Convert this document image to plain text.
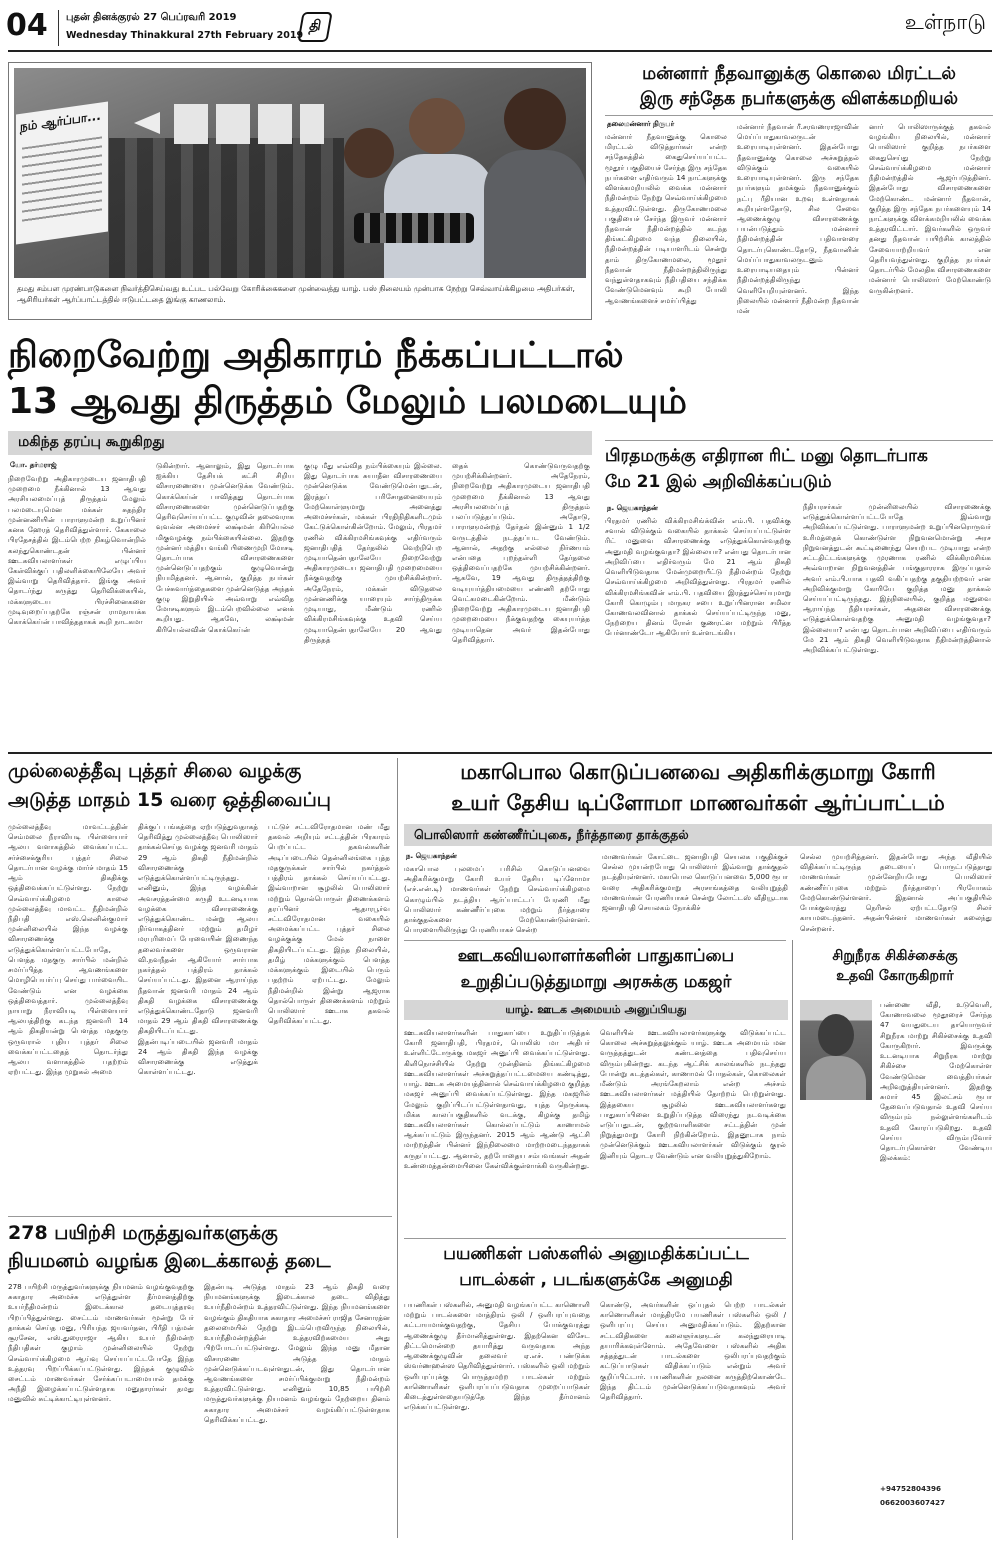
04 புதன் தினக்குரல் 27 பெப்ரவரி 2019
Wednesday Thinakkural 27th February 2019
தி	உள்நாடு
நம் ஆர்ப்பா...
தமது சம்பள முரண்பாடுகளை நிவர்த்திசெய்வது உட்பட பல்வேறு கோரிக்கைகளை முன்வைத்து யாழ். பஸ் நிலையம் முன்பாக நேற்று செவ்வாய்க்கிழமை அதிபர்கள், ஆசிரியர்கள் ஆர்ப்பாட்டத்தில் ஈடுபட்டதை இங்கு காணலாம்.
மன்னார் நீதவானுக்கு கொலை மிரட்டல்
இரு சந்தேக நபர்களுக்கு விளக்கமறியல்
தலைமன்னார் நிருபர்
மன்னார் நீதவானுக்கு கொலை மிரட்டல் விடுத்தார்கள் என்ற சந்தேகத்தில் கைதுசெய்யப்பட்ட மூதூர் பகுதியைச் சேர்ந்த இரு சந்தேக நபர்களை எதிர்வரும் 14 நாட்களுக்கு விளக்கமறியலில் வைக்க மன்னார் நீதிமன்றம் நேற்று செவ்வாய்க்கிழமை உத்தரவிட்டுள்ளது. திருகோணமலை பகுதியைச் சேர்ந்த இருவர் மன்னார் நீதவான் நீதிமன்றத்தில் கடந்த திங்கட்கிழமை வந்த நிலையில், நீதிமன்றத்தின் படியாளரிடம் சென்று தாம் திருகோணமலை, மூதூர் நீதவான் நீதிமன்றத்திலிருந்து வந்துள்ளதாகவும் நீதிபதியை சந்திக்க வேண்டுமெனவும் கூறி போலி ஆவணங்களைச் சமர்ப்பித்து
மன்னார் நீதவான் ரீ.சரவணராஜாவின் மெய்ப்பாதுகாவலருடன் உரையாடியுள்ளனர். இதன்போது நீதவானுக்கு கொலை அச்சுறுத்தல் விடுக்கும் வகையில் உரையாடியுள்ளனர். இரு சந்தேக நபர்களும் தமக்கும் நீதவானுக்கும் நட்பு ரீதியான உறவு உள்ளதாகக் கூறியுள்ளதோடு, சில சேவை ஆணைக்குழு விசாரணைக்கு பயன்படுத்தும் மன்னார் நீதிமன்றத்தின் பதிவாளரை தொடர்புகொண்டதோடு, நீதவானின் மெய்ப்பாதுகாவலருடனும் உரையாடியதையும் பின்னர் நீதிமன்றத்திலிருந்து வெளியேறியுள்ளனர். இந்த நிலையில் மன்னார் நீதிமன்ற நீதவான் மன்
னார் பொலிஸாருக்குத் தகவல் வழங்கிய நிலையில், மன்னார் பொலிஸார் குறித்த நபர்களை கைதுசெய்து நேற்று செவ்வாய்க்கிழமை மன்னார் நீதிமன்றத்தில் ஆஜர்படுத்தினர். இதன்போது விசாரணைகளை மேற்கொண்ட மன்னார் நீதவான், குறித்த இரு சந்தேக நபர்களையும் 14 நாட்களுக்கு விளக்கமறியலில் வைக்க உத்தரவிட்டார். இவர்களில் ஒருவர் தனது நீதவான் பயிற்சிக் காலத்தில் சேவையாற்றியவர் என தெரியவந்துள்ளது. குறித்த நபர்கள் தொடர்பில் மேலதிக விசாரணைகளை மன்னார் பொலிஸார் மேற்கொண்டு வருகின்றனர்.
நிறைவேற்று அதிகாரம் நீக்கப்பட்டால்
13 ஆவது திருத்தம் மேலும் பலமடையும்
மகிந்த தரப்பு கூறுகிறது
யோ. தர்மராஜ்
நிறைவேற்று அதிகாரமுடைய ஜனாதிபதி முறைமை நீக்கினால் 13 ஆவது அரசியலமைப்புத் திருத்தம் மேலும் பலமடையுமென மக்கள் சுதந்திர முன்னணியின் பாராளுமன்ற உறுப்பினர் கனக ஹேரத் தெரிவித்துள்ளார். கேகாலை பிரதேசத்தில் இடம்பெற்ற நிகழ்வொன்றில் கலந்துகொண்டதன் பின்னர் ஊடகவியலாளர்கள் எழுப்பிய கேள்விக்குப் பதிலளிக்கையிலேயே அவர் இவ்வாறு தெரிவித்தார். இங்கு அவர் தொடர்ந்து கருத்து தெரிவிக்கையில், மக்களுடைய பிரச்சினைகளை முடிவுறைப்பதற்கே ரஞ்சன் ராமநாயக்க கொக்கெய்ன் பாவித்ததாகக் கூறி நாடகமா
டுகின்றார். ஆனாலும், இது தொடர்பாக ஐக்கிய தேசியக் கட்சி சிறிய விசாரணையை முன்னெடுக்க வேண்டும். கொக்கெய்ன் பாவித்தது தொடர்பாக விசாரணைகளை முன்னெடுப்பதற்கு தெரிவுசெய்யப்பட்ட குழுவின் தலைவராக வுவல்ன அமைச்சர் லக்ஷ்மன் கிரியெல்ல மிகுவழக்கு நம்பிக்கையில்லை. இதற்கு முன்னர் மத்திய வங்கி பிணைமுறி மோசடி தொடர்பாக விசாரணைகளை முன்னெடுப்பதற்கும் குழுவொன்று நியமித்தனர். ஆனால், குறித்த நபர்கள் பேச்சுவார்த்தைகளை முன்னெடுத்த அந்தக் குழு இறுதியில் அவ்வாறு எவ்வித மோசடிகளும் இடம்பெறவில்லை எனக் கூறியது. ஆகவே, லக்ஷ்மன் கிரியெல்லவின் கொக்கெய்ன்
குழு மீது எவ்வித நம்பிக்கையும் இல்லை. இது தொடர்பாக சுயாதீன விசாரணையை முன்னெடுக்க வேண்டுமென்பதுடன், இரத்தப் பரிசோதனையையும் மேற்கொள்ளுமாறு அனைத்து அமைச்சர்கள், மக்கள் பிரதிநிதிகளிடமும் கேட்டுக்கொள்கின்றோம். மேலும், பிரதமர் ரணில் விக்கிரமசிங்கவுக்கு எதிர்வரும் ஜனாதிபதித் தேர்தலில் வெற்றிபெற முடியாதென்பதாலேயே நிறைவேற்று அதிகாரமுடைய ஜனாதிபதி முறைமையை நீக்குவதற்கு முயற்சிக்கின்றார். அதேநேரம், மக்கள் விடுதலை முன்னணிக்கு யாரையும் சார்ந்திருக்க முடியாது, மீண்டும் ரணில் விக்கிரமசிங்கவுக்கு உதவி செய்ய முடியாதென்பதாலேயே 20 ஆவது திருத்தத்
தைக் கொண்டுவருவதற்கு முயற்சிக்கின்றனர். அதேநேரம், நிறைவேற்று அதிகாரமுடைய ஜனாதிபதி முறைமை நீக்கினால் 13 ஆவது அரசியலமைப்புத் திருத்தம் பலப்படுத்தப்படும். அதோடு, பாராளுமன்றத் தேர்தல் இன்னும் 1 1/2 வருடத்தில் நடத்தப்பட வேண்டும். ஆனால், அதற்கு எல்லை நிர்ணயம் என்பதை புறந்தள்ளி தேர்தலை ஒத்திவைப்பதற்கே முயற்சிக்கின்றனர். ஆகவே, 19 ஆவது திருத்தத்திற்கு வடியுயர்த்தியமையை எண்ணி தற்போது வெட்கமடைகின்றோம். மீண்டும் நிறைவேற்று அதிகாரமுடைய ஜனாதிபதி முறைமையை நீக்குவதற்கு கையுயர்த்த முடியாதென அவர் இதன்போது தெரிவித்தார்.
பிரதமருக்கு எதிரான ரிட் மனு தொடர்பாக
மே 21 இல் அறிவிக்கப்படும்
ந. ஜெயகாந்தன்
பிரதமர் ரணில் விக்கிரமசிங்க்வின் எம்.பி. பதவிக்கு சவால் விடுக்கும் வகையில் தாக்கல் செய்யப்பட்டுள்ள ரிட் மனுவை விசாரணைக்கு எடுத்துக்கொள்வதற்கு அனுமதி வழங்குவதா? இல்லையா? என்பது தொடர்பான அறிவிப்பை எதிர்வரும் மே 21 ஆம் திகதி வெளியிடுவதாக மேன்முறையீட்டு நீதிமன்றம் நேற்று செவ்வாய்க்கிழமை அறிவித்துள்ளது. பிரதமர் ரணில் விக்கிரமசிங்கவின் எம்.பி. பதவியை இரத்துச்செய்யுமாறு கோரி கொழும்பு மாநகர சபை உறுப்பினரான சமிலா கோணவலவினால் தாக்கல் செய்யப்பட்டிருந்த மனு, நேற்றைய தினம் ரோன் குணரட்ன மற்றும் பிரீத்த பேர்னாண்டோ ஆகியோர் உள்ளடங்கிய
நீதியரசர்கள் முன்னிலையில் விசாரணைக்கு எடுத்துக்கொள்ளப்பட்டபோதே இவ்வாறு அறிவிக்கப்பட்டுள்ளது. பாராளுமன்ற உறுப்பினரொருவர் உரிமத்தைக் கொண்டுள்ள நிறுவனமொன்று அரச நிறுவனத்துடன் கூட்டிணைந்து செயற்பட முடியாது என்ற சட்டதிட்டங்களுக்கு முரணாக ரணில் விக்கிரமசிங்க அவ்வாறான நிறுவனத்தின் பங்குதாரராக இருப்பதால் அவர் எம்.பி.யாக பதவி வகிப்பதற்கு தகுதியற்றவர் என அறிவிக்குமாறு கோரியே குறித்த மனு தாக்கல் செய்யப்பட்டிருந்தது. இந்நிலையில், குறித்த மனுவை ஆராய்ந்த நீதியரசர்கள், அதனை விசாரணைக்கு எடுத்துக்கொள்வதற்கு அனுமதி வழங்குவதா? இல்லையா? என்பது தொடர்பான அறிவிப்பை எதிர்வரும் மே 21 ஆம் திகதி வெளியிடுவதாக நீதிமன்றத்தினால் அறிவிக்கப்பட்டுள்ளது.
முல்லைத்தீவு புத்தர் சிலை வழக்கு
அடுத்த மாதம் 15 வரை ஒத்திவைப்பு
முல்லைத்தீவு மாவட்டத்தின் செம்மலை நீராவியடி பிள்ளையார் ஆலய வளாகத்தில் வைக்கப்பட்ட சர்ச்சைக்குரிய புத்தர் சிலை தொடர்பான வழக்கு மார்ச் மாதம் 15 ஆம் திகதிக்கு ஒத்திவைக்கப்பட்டுள்ளது. நேற்று செவ்வாய்க்கிழமை காலை முல்லைத்தீவு மாவட்ட நீதிமன்றில் நீதிபதி எஸ்.லெனின்குமார் முன்னிலையில் இந்த வழக்கு விசாரணைக்கு எடுத்துக்கொள்ளப்பட்டபோதே, பௌத்த மதகுரு சார்பில் மன்றில் சமர்ப்பித்த ஆவணங்களை மொழிபெயர்ப்பு செய்து பார்வையிட வேண்டும் என வழக்கை ஒத்திவைத்தார். முல்லைத்தீவு நாயாறு நீராவியடி பிள்ளையார் ஆலயத்திற்கு கடந்த ஜனவரி 14 ஆம் திகதியன்று பௌத்த மதகுரு ஒருவரால் புதிய புத்தர் சிலை வைக்கப்பட்டதைத் தொடர்ந்து ஆலய வளாகத்தில் பதற்றம் ஏற்பட்டது. இந்த முறுகல் அமை
திக்குப் பங்கத்தை ஏற்படுத்துவதாகத் தெரிவித்து முல்லைத்தீவு பொலிஸார் தாக்கல்செய்த வழக்கு ஜனவரி மாதம் 29 ஆம் திகதி நீதிமன்றில் விசாரணைக்கு எடுத்துக்கொள்ளப்பட்டிருந்தது. எனினும், இந்த வழக்கின் அவசரத்தன்மை கருதி உடனடியாக வழக்கை விசாரணைக்கு எடுத்துக்கொண்ட மன்று ஆலய நிர்வாகத்தினர் மற்றும் தமிழர் மரபுரிமைப் பேரவையின் இணைந்த தலைவர்களை ஒருவரான வி.நவநீதன் ஆகியோர் சார்பாக நகர்த்தல் பத்திரம் தாக்கல் செய்யப்பட்டது. இதனை ஆராய்ந்த நீதவான் ஜனவரி மாதம் 24 ஆம் திகதி வழக்கை விசாரணைக்கு எடுத்துக்கொண்டதோடு ஜனவரி மாதம் 29 ஆம் திகதி விசாரணைக்கு திகதியிடப்பட்டது. இதன்படிப்படையில் ஜனவரி மாதம் 24 ஆம் திகதி இந்த வழக்கு விசாரணைக்கு எடுத்துக் கொள்ளப்பட்டது.
பட்டுச் சட்டவிரோதமான மண் மீது தகவல் அறியும் சட்டத்தின் பிரகாரம் பெறப்பட்ட தகவல்களின் அடிப்படையில் தென்னிலங்கை புத்த மதகுருக்கள் சார்பில் நகர்த்தல் பத்திரம் தாக்கல் செய்யப்பட்டது. இவ்வாறான சூழலில் பொலிஸார் மற்றும் தொல்பொருள் திணைக்களம் தரப்பினர் ஆதாரபூர்வ சட்டவிரோதமான வகையில் அமைக்கப்பட்ட புத்தர் சிலை வழக்குக்கு மேல் நாளை திகதியிடப்பட்டது. இந்த நிலையில், தமிழ் மக்களுக்கும் பௌத்த மக்களுக்கும் இடையில் பெரும் பதற்றம் ஏற்பட்டது. மேலும் நீதிமன்றில் இன்று ஆஜராக தொல்பொருள் திணைக்களம் மற்றும் பொலிஸார் ஊடாக தகவல் தெரிவிக்கப்பட்டது.
மகாபொல கொடுப்பனவை அதிகரிக்குமாறு கோரி
உயர் தேசிய டிப்ளோமா மாணவர்கள் ஆர்ப்பாட்டம்
பொலிஸார் கண்ணீர்ப்புகை, நீர்த்தாரை தாக்குதல்
ந. ஜெயகாந்தன்
மகாபொல புலமைப் பரிசில் கொடுப்பனவை அதிகரிக்குமாறு கோரி உயர் தேசிய டிப்ளோமா (எச்.என்.டி) மாணவர்கள் நேற்று செவ்வாய்க்கிழமை கொழும்பில் நடத்திய ஆர்ப்பாட்டப் பேரணி மீது பொலிஸார் கண்ணீர்ப்புகை மற்றும் நீர்த்தாரை தாக்குதல்களை மேற்கொண்டுள்ளனர். பொரளையிலிருந்து பேரணியாகச் சென்ற
மாணவர்கள் கோட்டை ஜனாதிபதி செயலக பகுதிக்குச் செல்ல முயன்றபோது பொலிஸார் இவ்வாறு தாக்குதல் நடத்தியுள்ளனர். மகாபொல கொடுப்பனவை 5,000 ரூபா வரை அதிகரிக்குமாறு அரசாங்கத்தை வலியுறுத்தி மாணவர்கள் பேரணியாகச் சென்று லோட்டஸ் வீதியூடாக ஜனாதிபதி செயலகம் நோக்கிச்
செல்ல முயற்சித்தனர். இதன்போது அந்த வீதியில் விதிக்கப்பட்டிருந்த தடையைப் பொருட்படுத்தாது மாணவர்கள் முன்னேறியபோது பொலிஸார் கண்ணீர்ப்புகை மற்றும் நீர்த்தாரைப் பிரயோகம் மேற்கொண்டுள்ளனர். இதனால் அப்பகுதியில் போக்குவரத்து நெரிசல் ஏற்பட்டதோடு சிலர் காயமடைந்தனர். அதன்பின்னர் மாணவர்கள் கலைந்து சென்றனர்.
ஊடகவியலாளர்களின் பாதுகாப்பை
உறுதிப்படுத்துமாறு அரசுக்கு மகஜர்
யாழ். ஊடக அமையம் அனுப்பியது
ஊடகவியலாளர்களின் பாதுகாப்பை உறுதிப்படுத்தக் கோரி ஜனாதிபதி, பிரதமர், பொலிஸ் மா அதிபர் உள்ளிட்டோருக்கு மகஜர் அனுப்பி வைக்கப்பட்டுள்ளது. கிளிநொச்சியில் நேற்று முன்தினம் திங்கட்கிழமை ஊடகவியலாளர்கள் அச்சுறுத்தப்பட்டமையை கண்டித்து, யாழ். ஊடக அமையத்தினால் செவ்வாய்க்கிழமை குறித்த மகஜர் அனுப்பி வைக்கப்பட்டுள்ளது. இந்த மகஜரில் மேலும் குறிப்பிடப்பட்டுள்ளதாவது, யுத்த நெருக்கடி மிக்க காலப்பகுதிகளில் வடக்கு, கிழக்கு தமிழ் ஊடகவியலாளர்கள் கொல்லப்பட்டும் காணாமல் ஆக்கப்பட்டும் இருந்தனர். 2015 ஆம் ஆண்டு ஆட்சி மாற்றத்தின் பின்னர் இந்நிலைமை மாற்றமடைந்ததாகக் கருதப்பட்டது. ஆனால், தற்போதைய சம்பவங்கள் அதன் உண்மைத்தன்மையினை கேள்விக்குள்ளாக்கி வருகின்றது.
வெளியில் ஊடகவியலாளர்களுக்கு விடுக்கப்பட்ட கொலை அச்சுறுத்தலுக்கும் யாழ். ஊடக அமையம் மன வருத்தத்துடன் கண்டனத்தை பதிவுசெய்ய விரும்புகின்றது. கடந்த ஆட்சிக் காலங்களில் நடந்தது போன்று கடத்தல்கள், காணாமல் போதல்கள், கொலைகள் மீண்டும் அரங்கேறலாம் என்ற அச்சம் ஊடகவியலாளர்கள் மத்தியில் தோற்றம் பெற்றுள்ளது. இத்தகைய சூழலில் ஊடகவியலாளர்களது பாதுகாப்பினை உறுதிப்படுத்த விரைந்து நடவடிக்கை எடுப்பதுடன், குற்றவாளிகளை சட்டத்தின் முன் நிறுத்துமாறு கோரி நிற்கின்றோம். இதனூடாக நாம் முன்னெடுக்கும் ஊடகவியலாளர்கள் விடுக்கும் குரல் இனியும் தொடர வேண்டும் என வலியுறுத்துகிறோம்.
சிறுநீரக சிகிச்சைக்கு
உதவி கோருகிறார்
பண்ணை வீதி, உடுவெளி, கோணாவலை மூதூரைச் சேர்ந்த 47 வயதுடைய தாயொருவர் சிறுநீரக மாற்று சிகிச்சைக்கு உதவி கோருகிறார். இவருக்கு உடனடியாக சிறுநீரக மாற்று சிகிச்சை மேற்கொள்ள வேண்டுமென வைத்தியர்கள் அறிவுறுத்தியுள்ளனர். இதற்கு சுமார் 45 இலட்சம் ரூபா தேவைப்படுவதால் உதவி செய்ய விரும்பும் நல்லுள்ளங்களிடம் உதவி கோரப்படுகிறது. உதவி செய்ய விரும்புவோர் தொடர்புகொள்ள வேண்டிய இலக்கம்:
+94752804396
0662003607427
278 பயிற்சி மருத்துவர்களுக்கு
நியமனம் வழங்க இடைக்காலத் தடை
278 பயிற்சி மருத்துவர்களுக்கு நியமனம் வழங்குவதற்கு சுகாதார அமைச்சு எடுத்துள்ள தீர்மானத்திற்கு உயர்நீதிமன்றம் இடைக்கால தடையுத்தரவு பிறப்பித்துள்ளது. சைட்டம் மாணவர்கள் மூன்று பேர் தாக்கல் செய்த மனு, பிரியந்த ஜயவர்தன, பிரீதி பத்மன் சூரசேன, எஸ்.துரைராஜா ஆகிய உயர் நீதிமன்ற நீதிபதிகள் குழாம் முன்னிலையில் நேற்று செவ்வாய்க்கிழமை ஆய்வு செய்யப்பட்டபோதே இந்த உத்தரவு பிறப்பிக்கப்பட்டுள்ளது. இந்தக் குழுவில் சைட்டம் மாணவர்கள் சேர்க்கப்படாமையால் தமக்கு அநீதி இழைக்கப்பட்டுள்ளதாக மனுதாரர்கள் தமது மனுவில் சுட்டிக்காட்டியுள்ளனர்.
இதன்படி அடுத்த மாதம் 23 ஆம் திகதி வரை நியமனங்களுக்கு இடைக்கால தடை விதித்து உயர்நீதிமன்றம் உத்தரவிட்டுள்ளது. இந்த நியமனங்களை வழங்கும் திகதியாக சுகாதார அமைச்சர் ராஜித சேனாரத்ன தலைமையில் நேற்று இடம்பெறவிருந்த நிலையில், உயர்நீதிமன்றத்தின் உத்தரவிற்கமைய அது பிற்போடப்பட்டுள்ளது. மேலும் இந்த மனு மீதான விசாரணை அடுத்த மாதம் முன்னெடுக்கப்படவுள்ளதுடன், இது தொடர்பான ஆவணங்களை சமர்ப்பிக்குமாறு நீதிமன்றம் உத்தரவிட்டுள்ளது. எனினும் 10,85 பயிற்சி மருத்துவர்களுக்கு நியமனம் வழங்கும் நேற்றைய தினம் சுகாதார அமைச்சர் வழங்கிப்பட்டுள்ளதாக தெரிவிக்கப்பட்டது.
பயணிகள் பஸ்களில் அனுமதிக்கப்பட்ட
பாடல்கள் , படங்களுக்கே அனுமதி
பயணிகள் பஸ்களில், அனுமதி வழங்கப்பட்ட காணொளி மற்றும் பாடல்களை மாத்திரம் ஒலி / ஒளிபரப்புவதை கட்டாயமாக்குவதற்கு, தேசிய போக்குவரத்து ஆணைக்குழு தீர்மானித்துள்ளது. இதற்கென விசேட திட்டமொன்றை தயாரித்து வருவதாக அந்த ஆணைக்குழுவின் தலைவர் ஏ.எச். பண்டுக்க ஸ்வர்ணஹன்ஸ தெரிவித்துள்ளார். பஸ்களில் ஒலி மற்றும் ஒளிபரப்புக்கு பொருத்தமற்ற பாடல்கள் மற்றும் காணொளிகள் ஒளிபரப்பப்படுவதாக முறைப்பாடுகள் கிடைத்துள்ளதையடுத்தே இந்த தீர்மானம் எடுக்கப்பட்டுள்ளது.
கொண்டு, அவர்களின் ஒப்புதல் பெற்ற பாடல்கள் காணொளிகள் மாத்திரமே பயணிகள் பஸ்களில் ஒலி / ஒளிபரப்பு செய்ய அனுமதிக்கப்படும். இதற்கான சட்டவிதிகளை கலைஞர்களுடன் கலந்துரையாடி தயாரிக்கவுள்ளோம். அதேவேளை பஸ்களில் அதிக சத்தத்துடன் பாடல்களை ஒலிபரப்புவதற்கும் கட்டுப்பாடுகள் விதிக்கப்படும் என்றும் அவர் குறிப்பிட்டார். பயணிகளின் நலனை கருத்திற்கொண்டே இந்த திட்டம் முன்னெடுக்கப்படுவதாகவும் அவர் தெரிவித்தார்.
